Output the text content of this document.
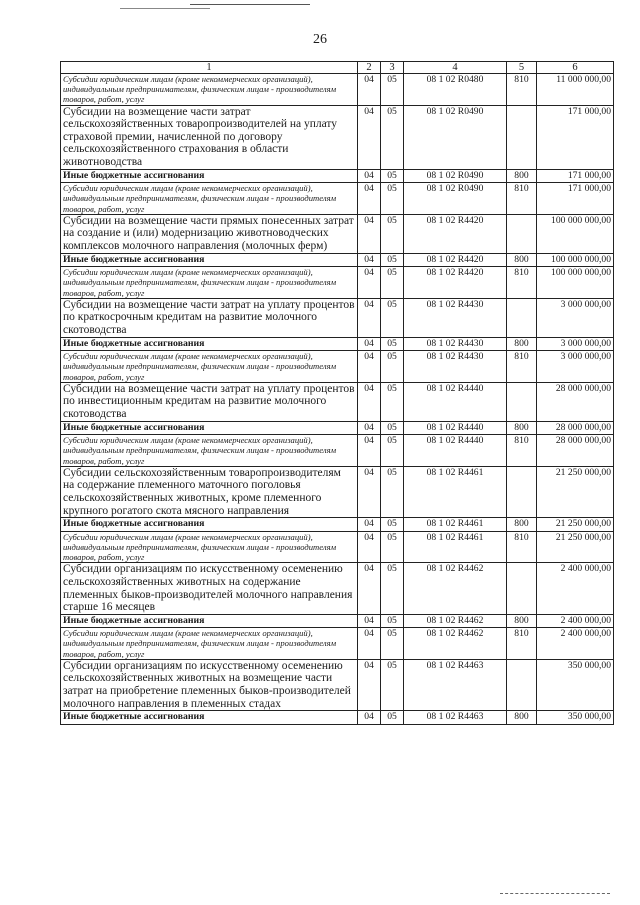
26
1	2	3	4	5	6
Субсидии юридическим лицам (кроме некоммерческих организаций), индивидуальным предпринимателям, физическим лицам - производителям товаров, работ, услуг	04	05	08 1 02 R0480	810	11 000 000,00
Субсидии на возмещение части затрат сельскохозяйственных товаропроизводителей на уплату страховой премии, начисленной по договору сельскохозяйственного страхования в области животноводства	04	05	08 1 02 R0490		171 000,00
Иные бюджетные ассигнования	04	05	08 1 02 R0490	800	171 000,00
Субсидии юридическим лицам (кроме некоммерческих организаций), индивидуальным предпринимателям, физическим лицам - производителям товаров, работ, услуг	04	05	08 1 02 R0490	810	171 000,00
Субсидии на возмещение части прямых понесенных затрат на создание и (или) модернизацию животноводческих комплексов молочного направления (молочных ферм)	04	05	08 1 02 R4420		100 000 000,00
Иные бюджетные ассигнования	04	05	08 1 02 R4420	800	100 000 000,00
Субсидии юридическим лицам (кроме некоммерческих организаций), индивидуальным предпринимателям, физическим лицам - производителям товаров, работ, услуг	04	05	08 1 02 R4420	810	100 000 000,00
Субсидии на возмещение части затрат на уплату процентов по краткосрочным кредитам на развитие молочного скотоводства	04	05	08 1 02 R4430		3 000 000,00
Иные бюджетные ассигнования	04	05	08 1 02 R4430	800	3 000 000,00
Субсидии юридическим лицам (кроме некоммерческих организаций), индивидуальным предпринимателям, физическим лицам - производителям товаров, работ, услуг	04	05	08 1 02 R4430	810	3 000 000,00
Субсидии на возмещение части затрат на уплату процентов по инвестиционным кредитам на развитие молочного скотоводства	04	05	08 1 02 R4440		28 000 000,00
Иные бюджетные ассигнования	04	05	08 1 02 R4440	800	28 000 000,00
Субсидии юридическим лицам (кроме некоммерческих организаций), индивидуальным предпринимателям, физическим лицам - производителям товаров, работ, услуг	04	05	08 1 02 R4440	810	28 000 000,00
Субсидии сельскохозяйственным товаропроизводителям на содержание племенного маточного поголовья сельскохозяйственных животных, кроме племенного крупного рогатого скота мясного направления	04	05	08 1 02 R4461		21 250 000,00
Иные бюджетные ассигнования	04	05	08 1 02 R4461	800	21 250 000,00
Субсидии юридическим лицам (кроме некоммерческих организаций), индивидуальным предпринимателям, физическим лицам - производителям товаров, работ, услуг	04	05	08 1 02 R4461	810	21 250 000,00
Субсидии организациям по искусственному осеменению сельскохозяйственных животных на содержание племенных быков-производителей молочного направления старше 16 месяцев	04	05	08 1 02 R4462		2 400 000,00
Иные бюджетные ассигнования	04	05	08 1 02 R4462	800	2 400 000,00
Субсидии юридическим лицам (кроме некоммерческих организаций), индивидуальным предпринимателям, физическим лицам - производителям товаров, работ, услуг	04	05	08 1 02 R4462	810	2 400 000,00
Субсидии организациям по искусственному осеменению сельскохозяйственных животных на возмещение части затрат на приобретение племенных быков-производителей молочного направления в племенных стадах	04	05	08 1 02 R4463		350 000,00
Иные бюджетные ассигнования	04	05	08 1 02 R4463	800	350 000,00
